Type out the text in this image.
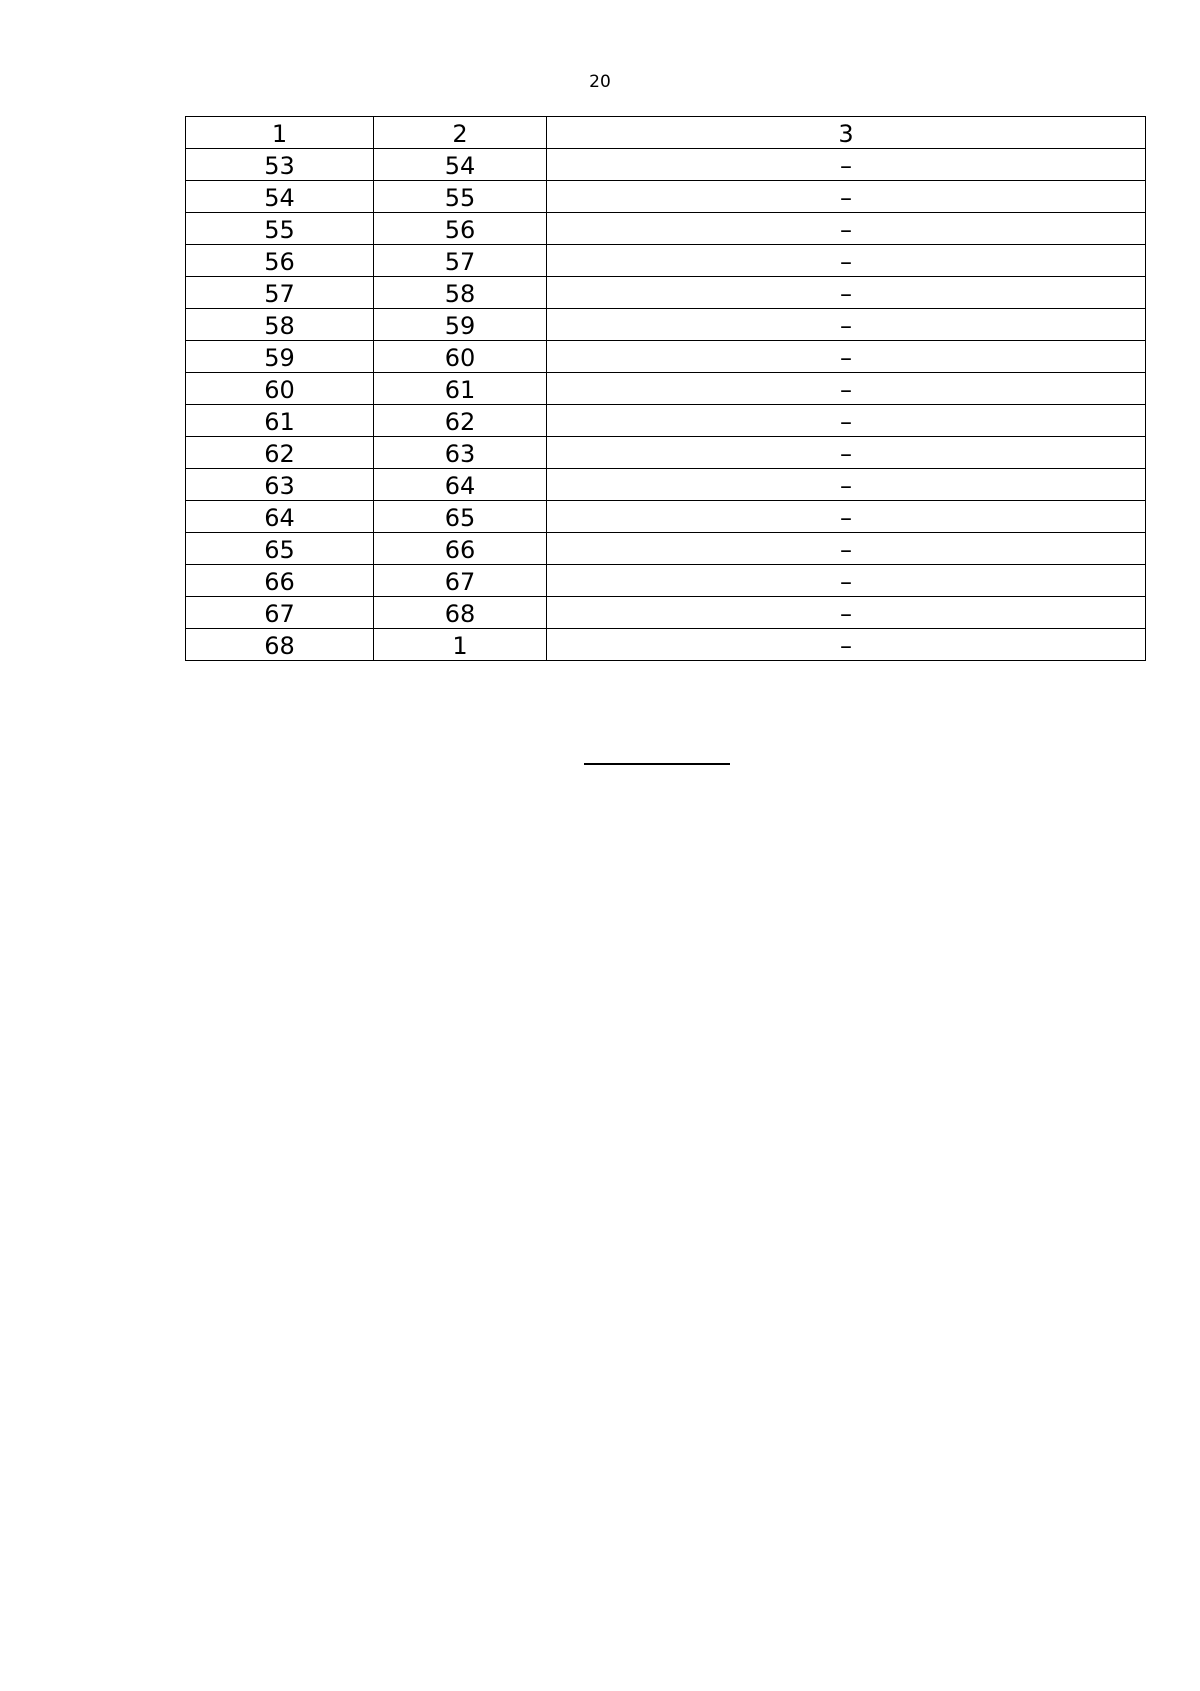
20
1	2	3
53	54	–
54	55	–
55	56	–
56	57	–
57	58	–
58	59	–
59	60	–
60	61	–
61	62	–
62	63	–
63	64	–
64	65	–
65	66	–
66	67	–
67	68	–
68	1	–
